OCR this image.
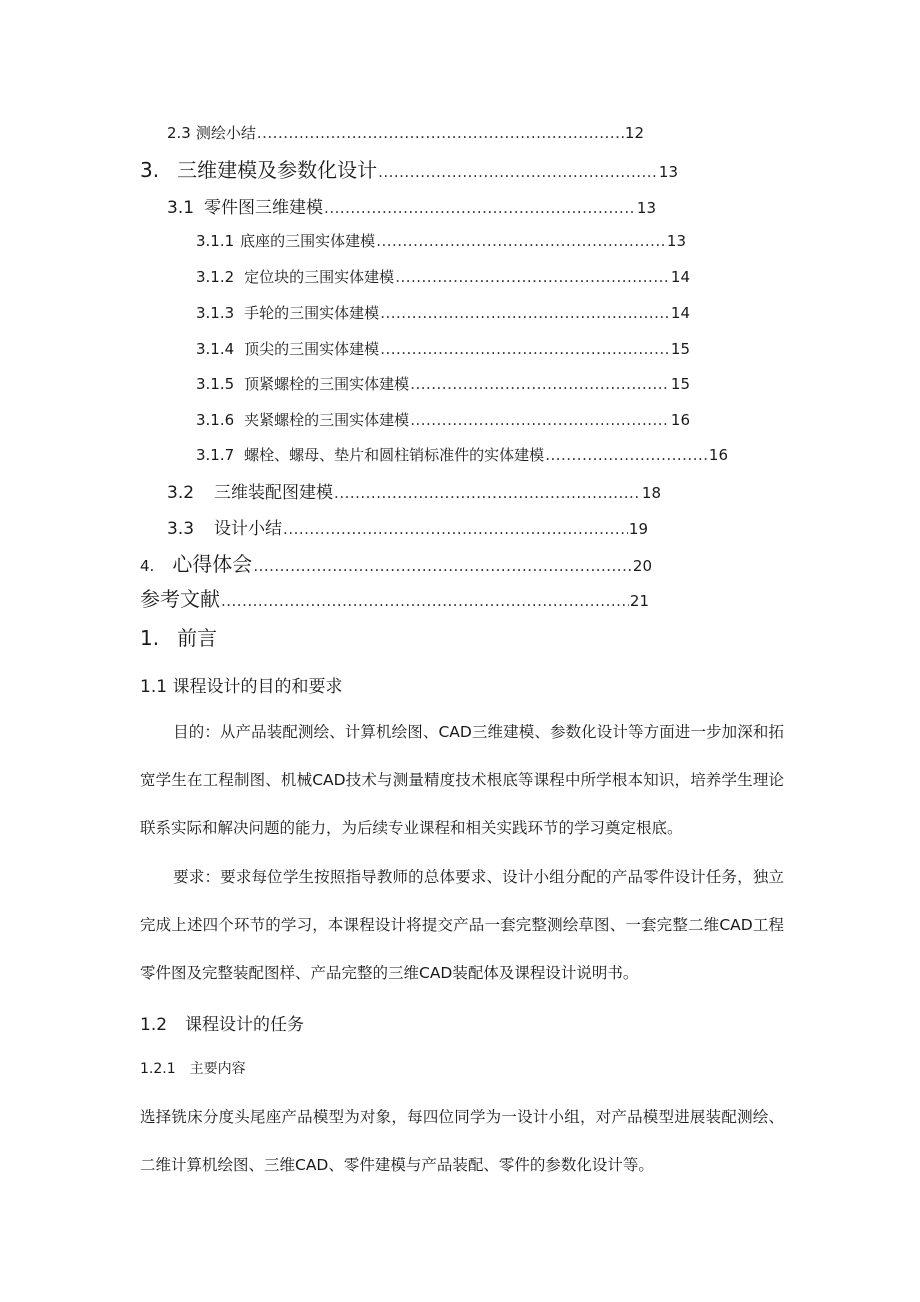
2.3 测绘小结 .....	12
3. 三维建模及参数化设计 .....	13
3.1 零件图三维建模 .....	13
3.1.1 底座的三围实体建模 .....	13
3.1.2 定位块的三围实体建模 .....	14
3.1.3 手轮的三围实体建模 .....	14
3.1.4 顶尖的三围实体建模 .....	15
3.1.5 顶紧螺栓的三围实体建模 .....	15
3.1.6 夹紧螺栓的三围实体建模 .....	16
3.1.7 螺栓、螺母、垫片和圆柱销标准件的实体建模 .....	16
3.2 三维装配图建模 .....	18
3.3 设计小结 .....	19
4. 心得体会 .....	20
参考文献 .....	21
1. 前言
1.1 课程设计的目的和要求
目的：从产品装配测绘、计算机绘图、CAD三维建模、参数化设计等方面进一步加深和拓宽学生在工程制图、机械CAD技术与测量精度技术根底等课程中所学根本知识，培养学生理论联系实际和解决问题的能力，为后续专业课程和相关实践环节的学习奠定根底。
要求：要求每位学生按照指导教师的总体要求、设计小组分配的产品零件设计任务，独立完成上述四个环节的学习，本课程设计将提交产品一套完整测绘草图、一套完整二维CAD工程零件图及完整装配图样、产品完整的三维CAD装配体及课程设计说明书。
1.2 课程设计的任务
1.2.1 主要内容
选择铣床分度头尾座产品模型为对象，每四位同学为一设计小组，对产品模型进展装配测绘、二维计算机绘图、三维CAD、零件建模与产品装配、零件的参数化设计等。
